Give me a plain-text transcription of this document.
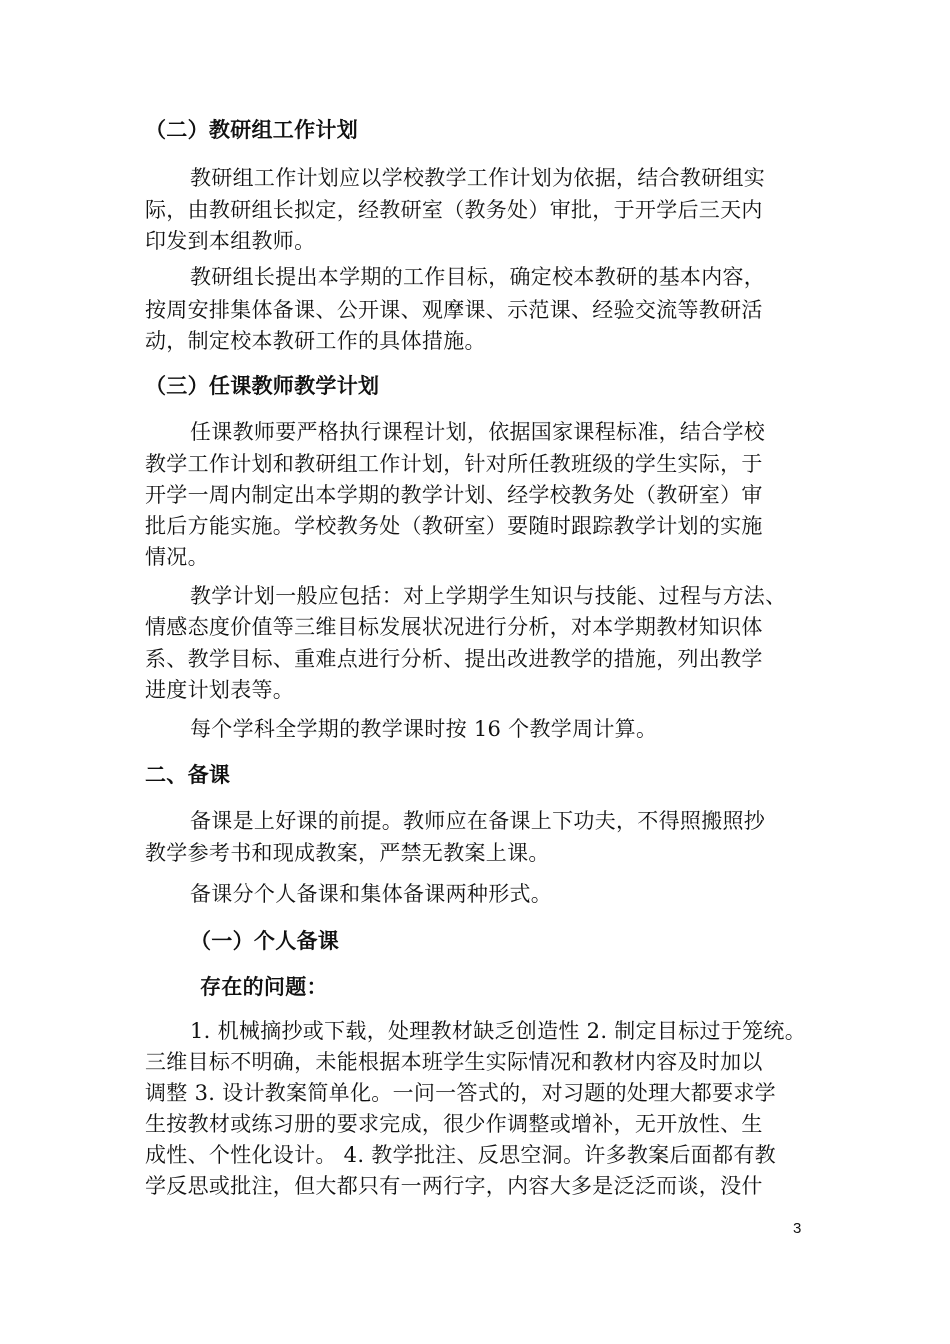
（二）教研组工作计划
教研组工作计划应以学校教学工作计划为依据，结合教研组实
际，由教研组长拟定，经教研室（教务处）审批，于开学后三天内
印发到本组教师。
教研组长提出本学期的工作目标，确定校本教研的基本内容，
按周安排集体备课、公开课、观摩课、示范课、经验交流等教研活
动，制定校本教研工作的具体措施。
（三）任课教师教学计划
任课教师要严格执行课程计划，依据国家课程标准，结合学校
教学工作计划和教研组工作计划，针对所任教班级的学生实际，于
开学一周内制定出本学期的教学计划、经学校教务处（教研室）审
批后方能实施。学校教务处（教研室）要随时跟踪教学计划的实施
情况。
教学计划一般应包括：对上学期学生知识与技能、过程与方法、
情感态度价值等三维目标发展状况进行分析，对本学期教材知识体
系、教学目标、重难点进行分析、提出改进教学的措施，列出教学
进度计划表等。
每个学科全学期的教学课时按 16 个教学周计算。
二、备课
备课是上好课的前提。教师应在备课上下功夫，不得照搬照抄
教学参考书和现成教案，严禁无教案上课。
备课分个人备课和集体备课两种形式。
（一）个人备课
存在的问题：
1. 机械摘抄或下载，处理教材缺乏创造性 2. 制定目标过于笼统。
三维目标不明确，未能根据本班学生实际情况和教材内容及时加以
调整 3. 设计教案简单化。一问一答式的，对习题的处理大都要求学
生按教材或练习册的要求完成，很少作调整或增补，无开放性、生
成性、个性化设计。 4. 教学批注、反思空洞。许多教案后面都有教
学反思或批注，但大都只有一两行字，内容大多是泛泛而谈，没什
3
